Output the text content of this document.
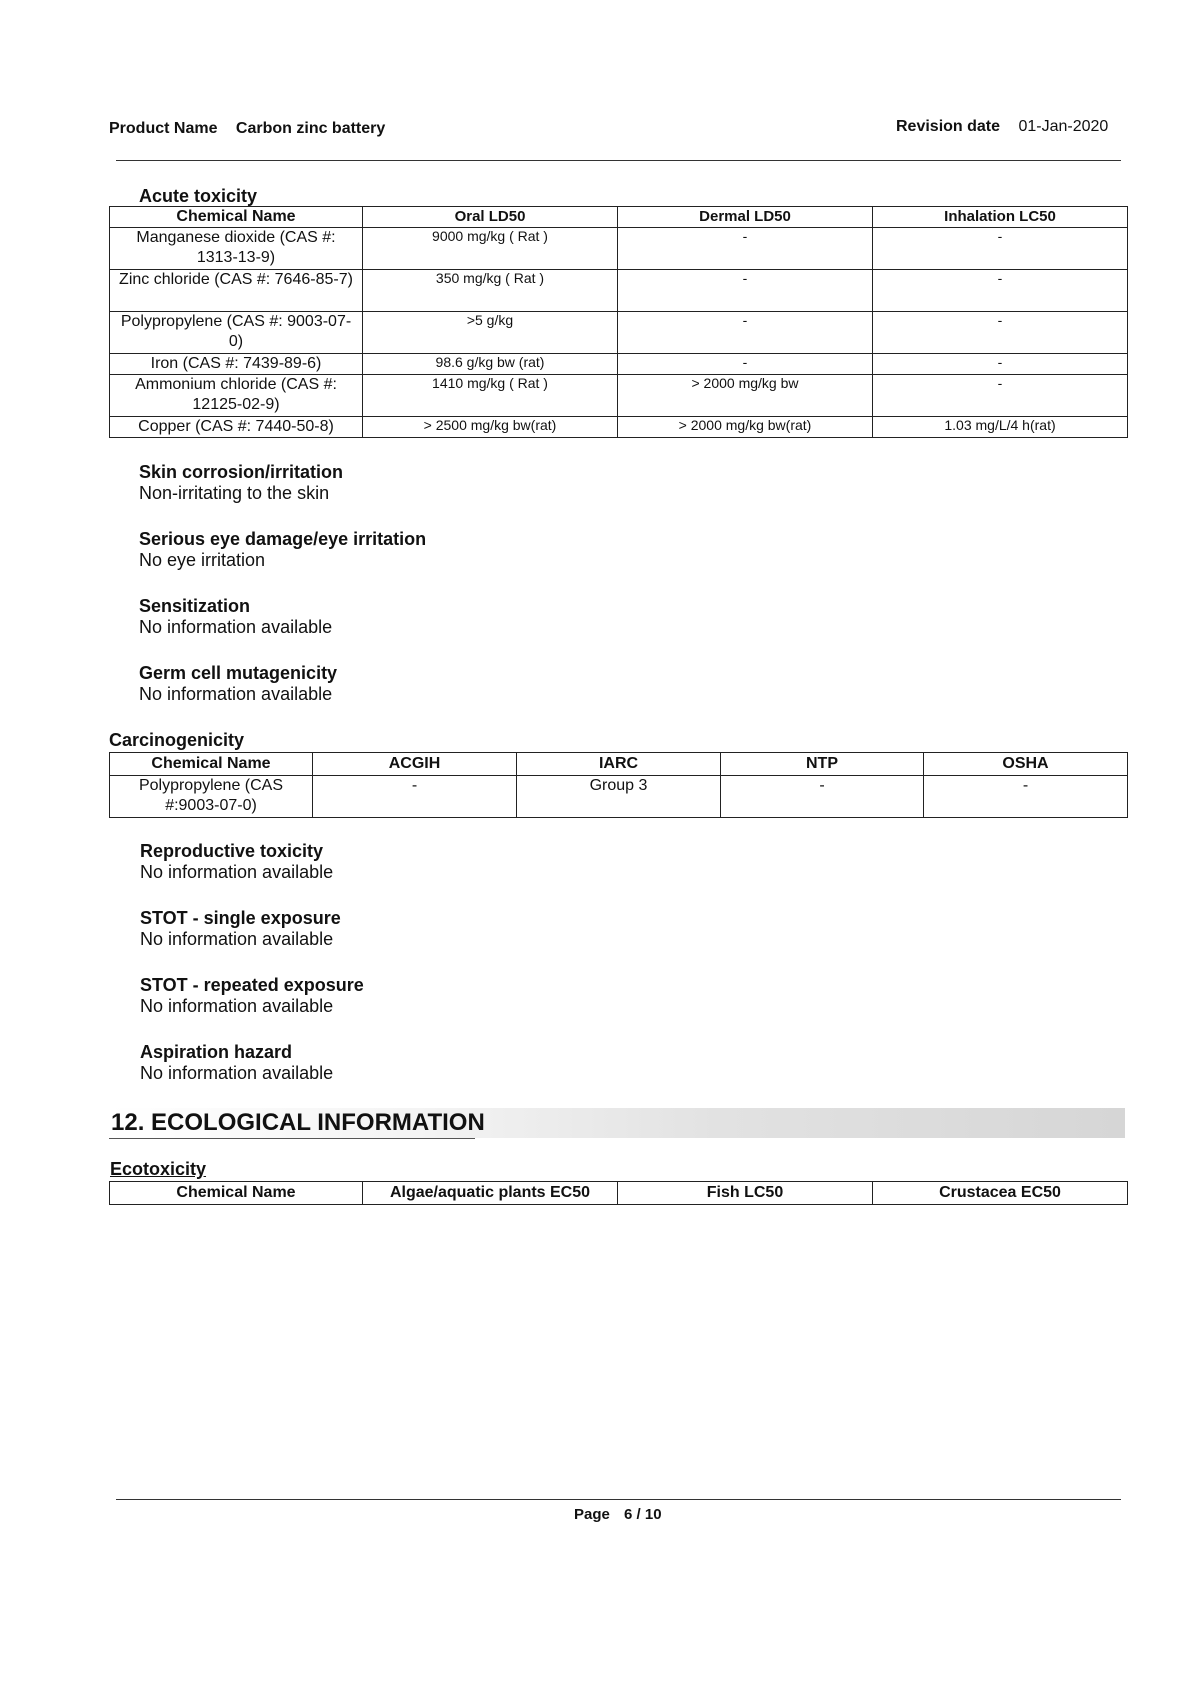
Product Name Carbon zinc battery	Revision date 01-Jan-2020
Acute toxicity
Chemical Name	Oral LD50	Dermal LD50	Inhalation LC50
Manganese dioxide (CAS #: 1313-13-9)	9000 mg/kg ( Rat )	-	-
Zinc chloride (CAS #: 7646-85-7)	350 mg/kg ( Rat )	-	-
Polypropylene (CAS #: 9003-07-0)	>5 g/kg	-	-
Iron (CAS #: 7439-89-6)	98.6 g/kg bw (rat)	-	-
Ammonium chloride (CAS #: 12125-02-9)	1410 mg/kg ( Rat )	> 2000 mg/kg bw	-
Copper (CAS #: 7440-50-8)	> 2500 mg/kg bw(rat)	> 2000 mg/kg bw(rat)	1.03 mg/L/4 h(rat)
Skin corrosion/irritation
Non-irritating to the skin
Serious eye damage/eye irritation
No eye irritation
Sensitization
No information available
Germ cell mutagenicity
No information available
Carcinogenicity
Chemical Name	ACGIH	IARC	NTP	OSHA
Polypropylene (CAS #:9003-07-0)	-	Group 3	-	-
Reproductive toxicity
No information available
STOT - single exposure
No information available
STOT - repeated exposure
No information available
Aspiration hazard
No information available
12. ECOLOGICAL INFORMATION
Ecotoxicity
Chemical Name	Algae/aquatic plants EC50	Fish LC50	Crustacea EC50
Page 6 / 10
